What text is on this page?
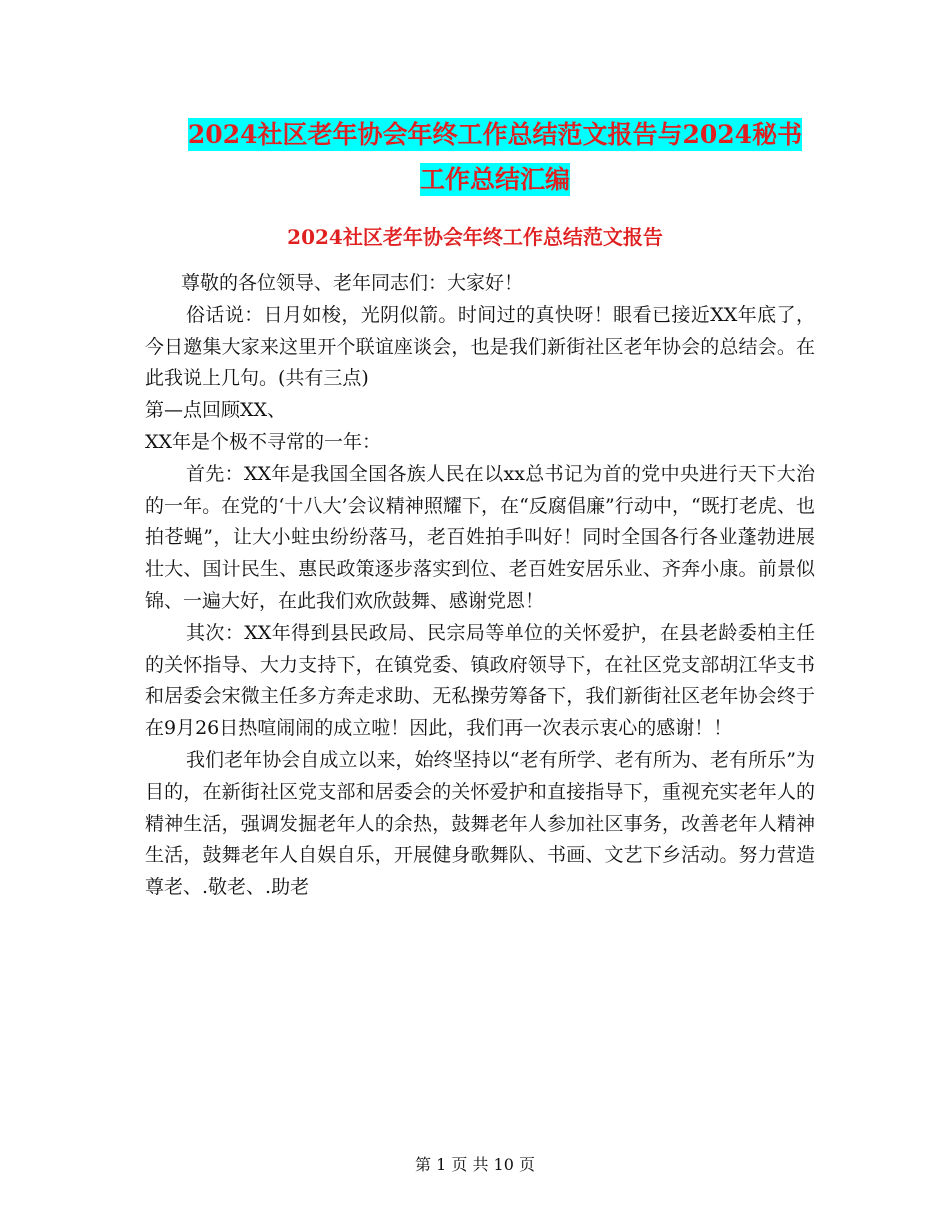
2024社区老年协会年终工作总结范文报告与2024秘书
工作总结汇编
2024社区老年协会年终工作总结范文报告

尊敬的各位领导、老年同志们：大家好！

俗话说：日月如梭，光阴似箭。时间过的真快呀！眼看已接近XX年底了，今日邀集大家来这里开个联谊座谈会，也是我们新街社区老年协会的总结会。在此我说上几句。(共有三点)

第—点回顾XX、

XX年是个极不寻常的一年：

首先：XX年是我国全国各族人民在以xx总书记为首的党中央进行天下大治的一年。在党的‘十八大’会议精神照耀下，在“反腐倡廉”行动中，“既打老虎、也拍苍蝇”，让大小蛀虫纷纷落马，老百姓拍手叫好！同时全国各行各业蓬勃进展壮大、国计民生、惠民政策逐步落实到位、老百姓安居乐业、齐奔小康。前景似锦、一遍大好，在此我们欢欣鼓舞、感谢党恩！

其次：XX年得到县民政局、民宗局等单位的关怀爱护，在县老龄委柏主任的关怀指导、大力支持下，在镇党委、镇政府领导下，在社区党支部胡江华支书和居委会宋微主任多方奔走求助、无私操劳筹备下，我们新街社区老年协会终于在9月26日热喧闹闹的成立啦！因此，我们再一次表示衷心的感谢！！

我们老年协会自成立以来，始终坚持以“老有所学、老有所为、老有所乐”为目的，在新街社区党支部和居委会的关怀爱护和直接指导下，重视充实老年人的精神生活，强调发掘老年人的余热，鼓舞老年人参加社区事务，改善老年人精神生活，鼓舞老年人自娱自乐，开展健身歌舞队、书画、文艺下乡活动。努力营造尊老、.敬老、.助老

第 1 页 共 10 页
